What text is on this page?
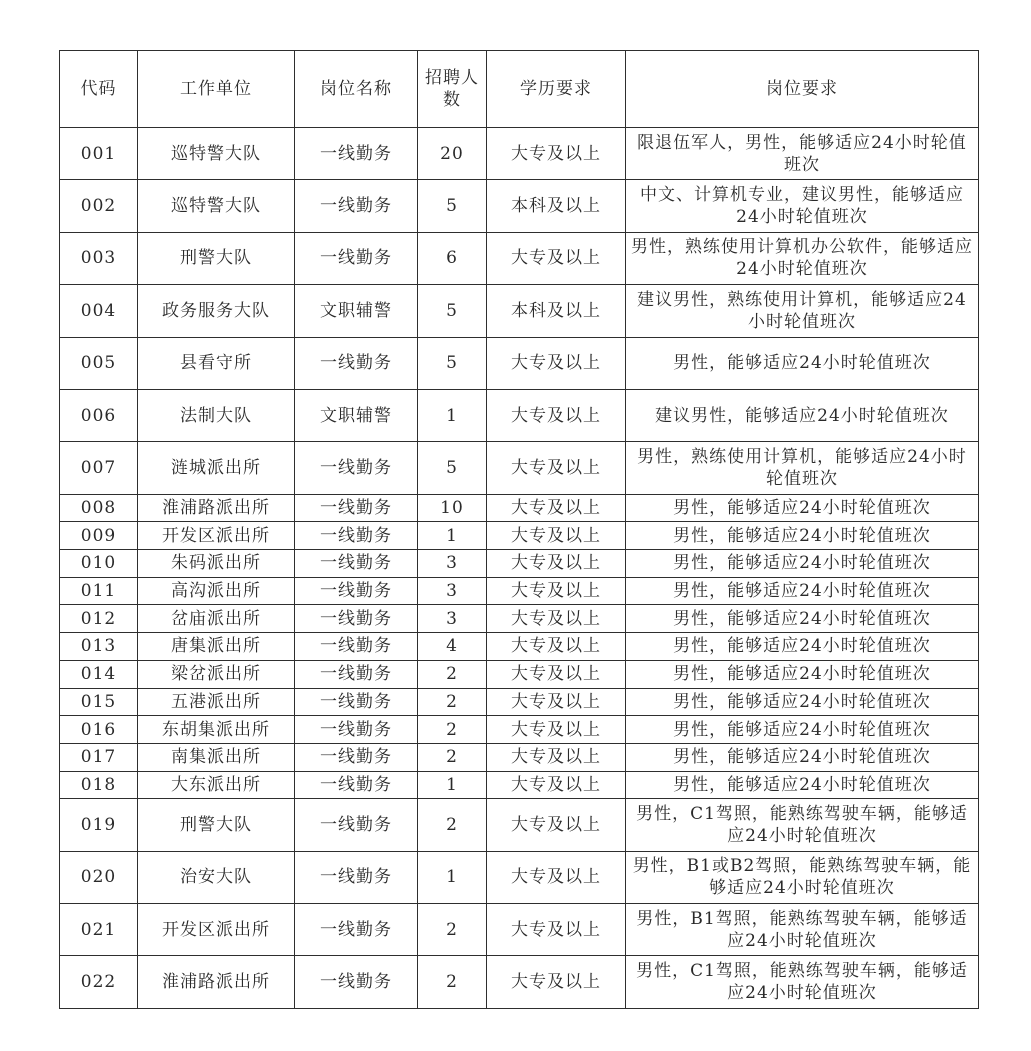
代码	工作单位	岗位名称	招聘人数	学历要求	岗位要求
001	巡特警大队	一线勤务	20	大专及以上	限退伍军人，男性，能够适应24小时轮值班次
002	巡特警大队	一线勤务	5	本科及以上	中文、计算机专业，建议男性，能够适应24小时轮值班次
003	刑警大队	一线勤务	6	大专及以上	男性，熟练使用计算机办公软件，能够适应24小时轮值班次
004	政务服务大队	文职辅警	5	本科及以上	建议男性，熟练使用计算机，能够适应24小时轮值班次
005	县看守所	一线勤务	5	大专及以上	男性，能够适应24小时轮值班次
006	法制大队	文职辅警	1	大专及以上	建议男性，能够适应24小时轮值班次
007	涟城派出所	一线勤务	5	大专及以上	男性，熟练使用计算机，能够适应24小时轮值班次
008	淮浦路派出所	一线勤务	10	大专及以上	男性，能够适应24小时轮值班次
009	开发区派出所	一线勤务	1	大专及以上	男性，能够适应24小时轮值班次
010	朱码派出所	一线勤务	3	大专及以上	男性，能够适应24小时轮值班次
011	高沟派出所	一线勤务	3	大专及以上	男性，能够适应24小时轮值班次
012	岔庙派出所	一线勤务	3	大专及以上	男性，能够适应24小时轮值班次
013	唐集派出所	一线勤务	4	大专及以上	男性，能够适应24小时轮值班次
014	梁岔派出所	一线勤务	2	大专及以上	男性，能够适应24小时轮值班次
015	五港派出所	一线勤务	2	大专及以上	男性，能够适应24小时轮值班次
016	东胡集派出所	一线勤务	2	大专及以上	男性，能够适应24小时轮值班次
017	南集派出所	一线勤务	2	大专及以上	男性，能够适应24小时轮值班次
018	大东派出所	一线勤务	1	大专及以上	男性，能够适应24小时轮值班次
019	刑警大队	一线勤务	2	大专及以上	男性，C1驾照，能熟练驾驶车辆，能够适应24小时轮值班次
020	治安大队	一线勤务	1	大专及以上	男性，B1或B2驾照，能熟练驾驶车辆，能够适应24小时轮值班次
021	开发区派出所	一线勤务	2	大专及以上	男性，B1驾照，能熟练驾驶车辆，能够适应24小时轮值班次
022	淮浦路派出所	一线勤务	2	大专及以上	男性，C1驾照，能熟练驾驶车辆，能够适应24小时轮值班次
